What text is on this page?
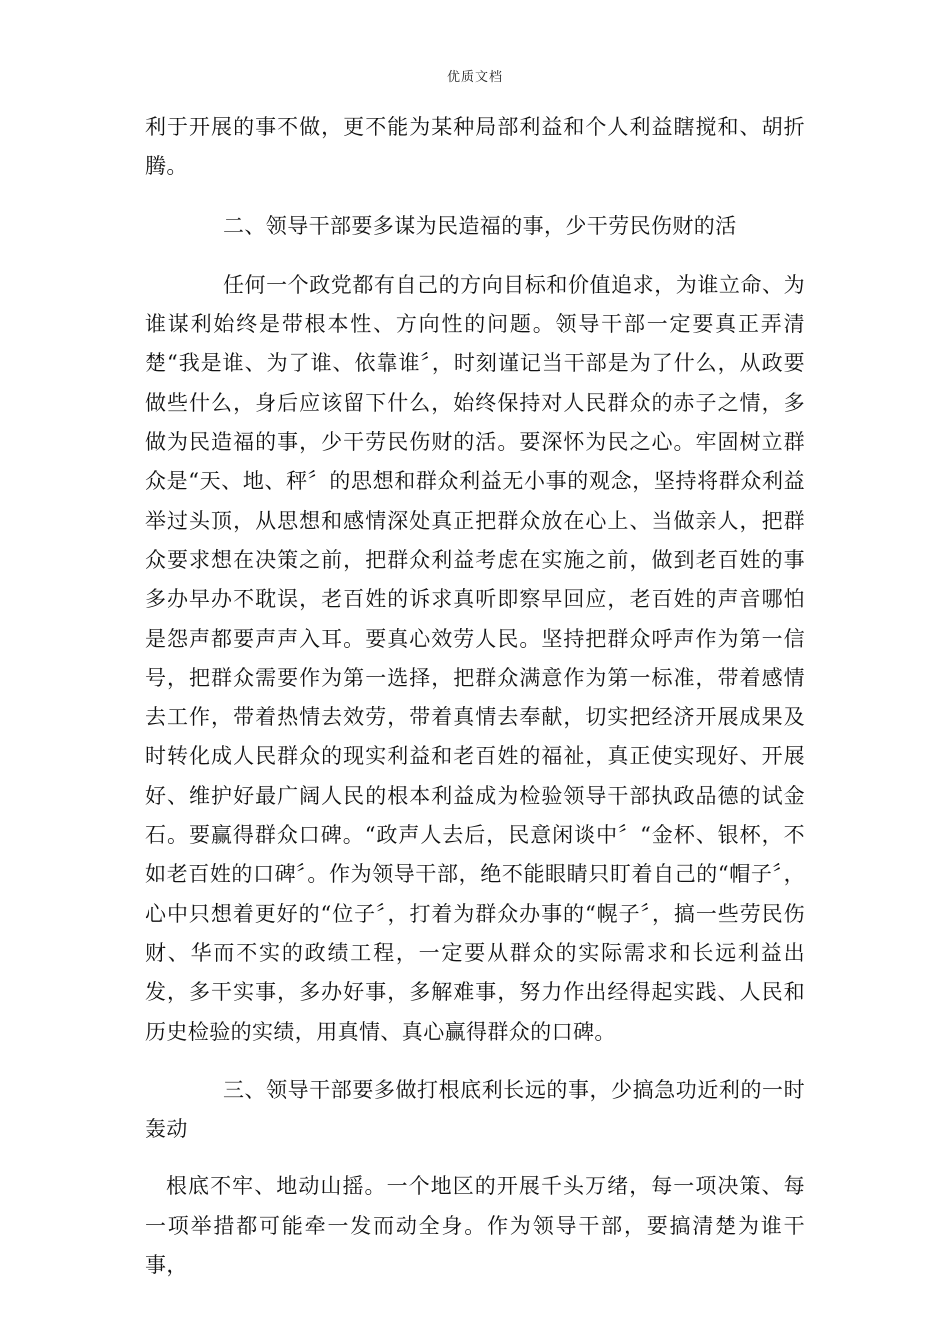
优质文档

利于开展的事不做，更不能为某种局部利益和个人利益瞎搅和、胡折腾。

二、领导干部要多谋为民造福的事，少干劳民伤财的活

任何一个政党都有自己的方向目标和价值追求，为谁立命、为谁谋利始终是带根本性、方向性的问题。领导干部一定要真正弄清楚“我是谁、为了谁、依靠谁〞，时刻谨记当干部是为了什么，从政要做些什么，身后应该留下什么，始终保持对人民群众的赤子之情，多做为民造福的事，少干劳民伤财的活。要深怀为民之心。牢固树立群众是“天、地、秤〞的思想和群众利益无小事的观念，坚持将群众利益举过头顶，从思想和感情深处真正把群众放在心上、当做亲人，把群众要求想在决策之前，把群众利益考虑在实施之前，做到老百姓的事多办早办不耽误，老百姓的诉求真听即察早回应，老百姓的声音哪怕是怨声都要声声入耳。要真心效劳人民。坚持把群众呼声作为第一信号，把群众需要作为第一选择，把群众满意作为第一标准，带着感情去工作，带着热情去效劳，带着真情去奉献，切实把经济开展成果及时转化成人民群众的现实利益和老百姓的福祉，真正使实现好、开展好、维护好最广阔人民的根本利益成为检验领导干部执政品德的试金石。要赢得群众口碑。“政声人去后，民意闲谈中〞“金杯、银杯，不如老百姓的口碑〞。作为领导干部，绝不能眼睛只盯着自己的“帽子〞，心中只想着更好的“位子〞，打着为群众办事的“幌子〞，搞一些劳民伤财、华而不实的政绩工程，一定要从群众的实际需求和长远利益出发，多干实事，多办好事，多解难事，努力作出经得起实践、人民和历史检验的实绩，用真情、真心赢得群众的口碑。

三、领导干部要多做打根底利长远的事，少搞急功近利的一时轰动

根底不牢、地动山摇。一个地区的开展千头万绪，每一项决策、每一项举措都可能牵一发而动全身。作为领导干部，要搞清楚为谁干事，
